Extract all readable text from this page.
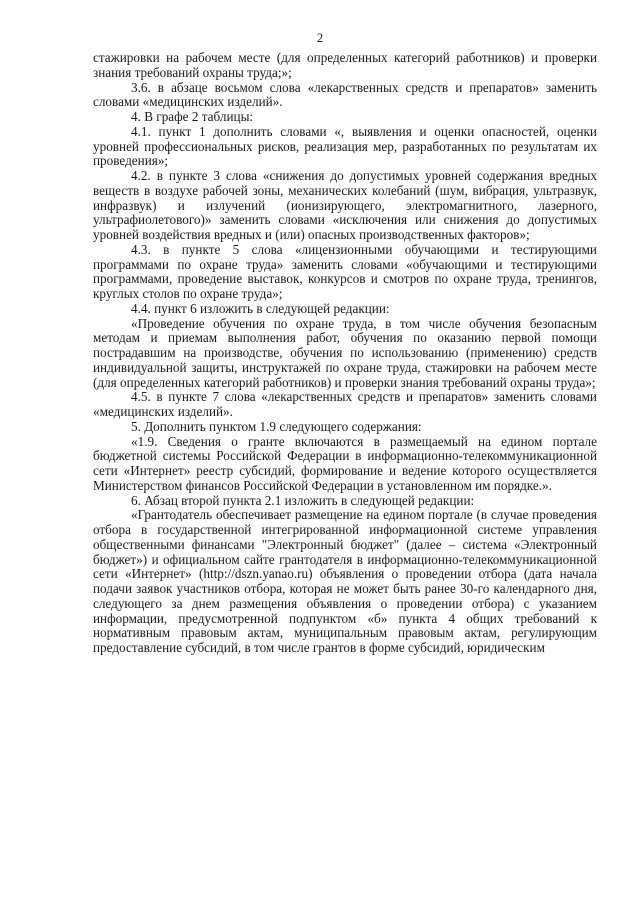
2

стажировки на рабочем месте (для определенных категорий работников) и проверки знания требований охраны труда;»;

3.6. в абзаце восьмом слова «лекарственных средств и препаратов» заменить словами «медицинских изделий».

4. В графе 2 таблицы:

4.1. пункт 1 дополнить словами «, выявления и оценки опасностей, оценки уровней профессиональных рисков, реализация мер, разработанных по результатам их проведения»;

4.2. в пункте 3 слова «снижения до допустимых уровней содержания вредных веществ в воздухе рабочей зоны, механических колебаний (шум, вибрация, ультразвук, инфразвук) и излучений (ионизирующего, электромагнитного, лазерного, ультрафиолетового)» заменить словами «исключения или снижения до допустимых уровней воздействия вредных и (или) опасных производственных факторов»;

4.3. в пункте 5 слова «лицензионными обучающими и тестирующими программами по охране труда» заменить словами «обучающими и тестирующими программами, проведение выставок, конкурсов и смотров по охране труда, тренингов, круглых столов по охране труда»;

4.4. пункт 6 изложить в следующей редакции:

«Проведение обучения по охране труда, в том числе обучения безопасным методам и приемам выполнения работ, обучения по оказанию первой помощи пострадавшим на производстве, обучения по использованию (применению) средств индивидуальной защиты, инструктажей по охране труда, стажировки на рабочем месте (для определенных категорий работников) и проверки знания требований охраны труда»;

4.5. в пункте 7 слова «лекарственных средств и препаратов» заменить словами «медицинских изделий».

5. Дополнить пунктом 1.9 следующего содержания:

«1.9. Сведения о гранте включаются в размещаемый на едином портале бюджетной системы Российской Федерации в информационно-телекоммуникационной сети «Интернет» реестр субсидий, формирование и ведение которого осуществляется Министерством финансов Российской Федерации в установленном им порядке.».

6. Абзац второй пункта 2.1 изложить в следующей редакции:

«Грантодатель обеспечивает размещение на едином портале (в случае проведения отбора в государственной интегрированной информационной системе управления общественными финансами "Электронный бюджет" (далее – система «Электронный бюджет») и официальном сайте грантодателя в информационно-телекоммуникационной сети «Интернет» (http://dszn.yanao.ru) объявления о проведении отбора (дата начала подачи заявок участников отбора, которая не может быть ранее 30-го календарного дня, следующего за днем размещения объявления о проведении отбора) с указанием информации, предусмотренной подпунктом «б» пункта 4 общих требований к нормативным правовым актам, муниципальным правовым актам, регулирующим предоставление субсидий, в том числе грантов в форме субсидий, юридическим
